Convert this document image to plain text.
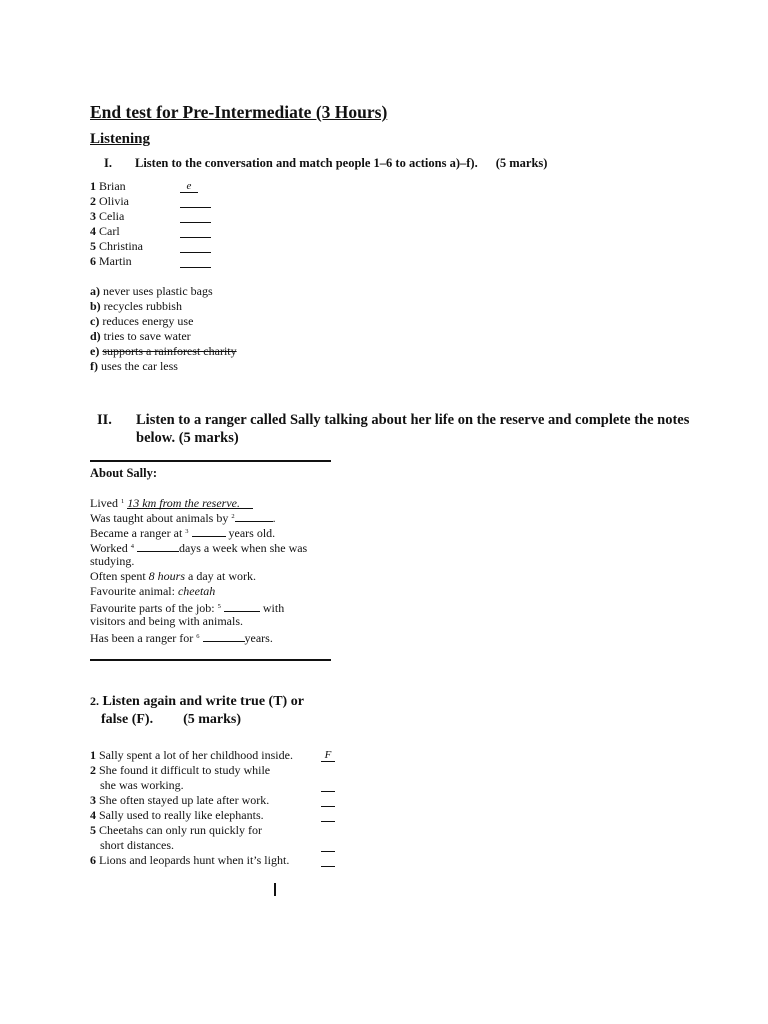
End test for Pre-Intermediate (3 Hours)
Listening
I. Listen to the conversation and match people 1–6 to actions a)–f). (5 marks)
1 Brian	e
2 Olivia
3 Celia
4 Carl
5 Christina
6 Martin
a) never uses plastic bags
b) recycles rubbish
c) reduces energy use
d) tries to save water
e) supports a rainforest charity
f) uses the car less
II. Listen to a ranger called Sally talking about her life on the reserve and complete the notes below. (5 marks)
About Sally:
Lived $^1$ 13 km from the reserve.
Was taught about animals by $^2$	.
Became a ranger at $^3$	years old.
Worked $^4$	days a week when she was
studying.
Often spent 8 hours a day at work.
Favourite animal: cheetah
Favourite parts of the job: $^5$	with
visitors and being with animals.
Has been a ranger for $^6$	years.
2. Listen again and write true (T) or
false (F). (5 marks)
1 Sally spent a lot of her childhood inside.	F
2 She found it difficult to study while
she was working.
3 She often stayed up late after work.
4 Sally used to really like elephants.
5 Cheetahs can only run quickly for
short distances.
6 Lions and leopards hunt when it’s light.
